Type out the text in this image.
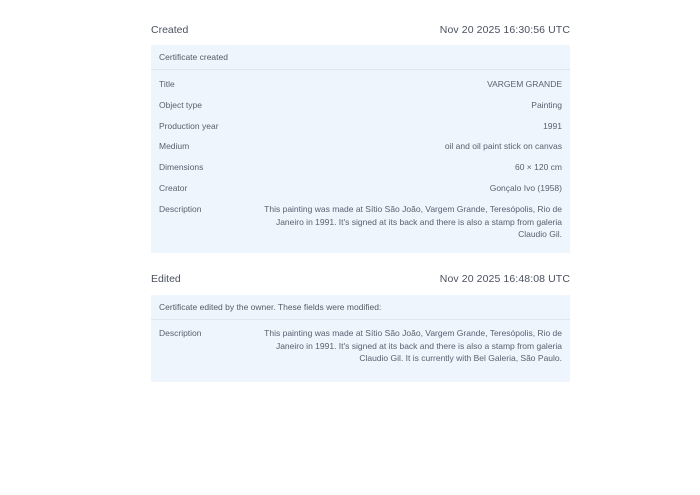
Created	Nov 20 2025 16:30:56 UTC
Certificate created
Title	VARGEM GRANDE
Object type	Painting
Production year	1991
Medium	oil and oil paint stick on canvas
Dimensions	60 × 120 cm
Creator	Gonçalo Ivo (1958)
Description	This painting was made at Sítio São João, Vargem Grande, Teresópolis, Rio de Janeiro in 1991. It's signed at its back and there is also a stamp from galeria Claudio Gil.
Edited	Nov 20 2025 16:48:08 UTC
Certificate edited by the owner. These fields were modified:
Description	This painting was made at Sítio São João, Vargem Grande, Teresópolis, Rio de Janeiro in 1991. It's signed at its back and there is also a stamp from galeria Claudio Gil. It is currently with Bel Galeria, São Paulo.
